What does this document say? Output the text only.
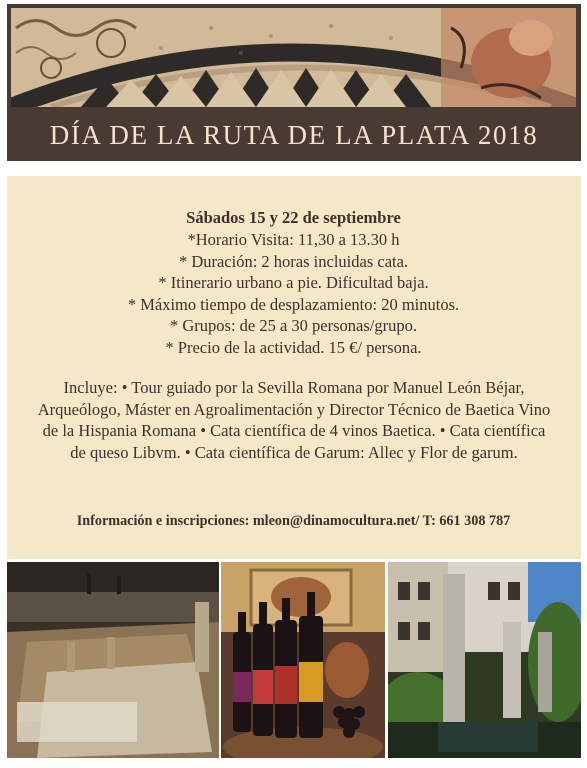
DÍA DE LA RUTA DE LA PLATA 2018
Sábados 15 y 22 de septiembre
*Horario Visita: 11,30 a 13.30 h
* Duración: 2 horas incluidas cata.
* Itinerario urbano a pie. Dificultad baja.
* Máximo tiempo de desplazamiento: 20 minutos.
* Grupos: de 25 a 30 personas/grupo.
* Precio de la actividad. 15 €/ persona.
Incluye: • Tour guiado por la Sevilla Romana por Manuel León Béjar, Arqueólogo, Máster en Agroalimentación y Director Técnico de Baetica Vino de la Hispania Romana • Cata científica de 4 vinos Baetica. • Cata científica de queso Libvm. • Cata científica de Garum: Allec y Flor de garum.
Información e inscripciones: mleon@dinamocultura.net/ T: 661 308 787
